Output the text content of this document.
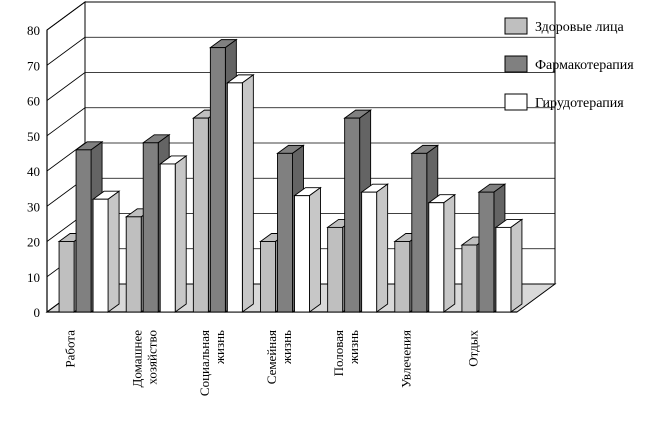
0
10
20
30
40
50
60
70
80
Работа	Домашнее хозяйство	Социальная жизнь	Семейная жизнь	Половая жизнь	Увлечения	Отдых
Здоровые лица
Фармакотерапия
Гирудотерапия
